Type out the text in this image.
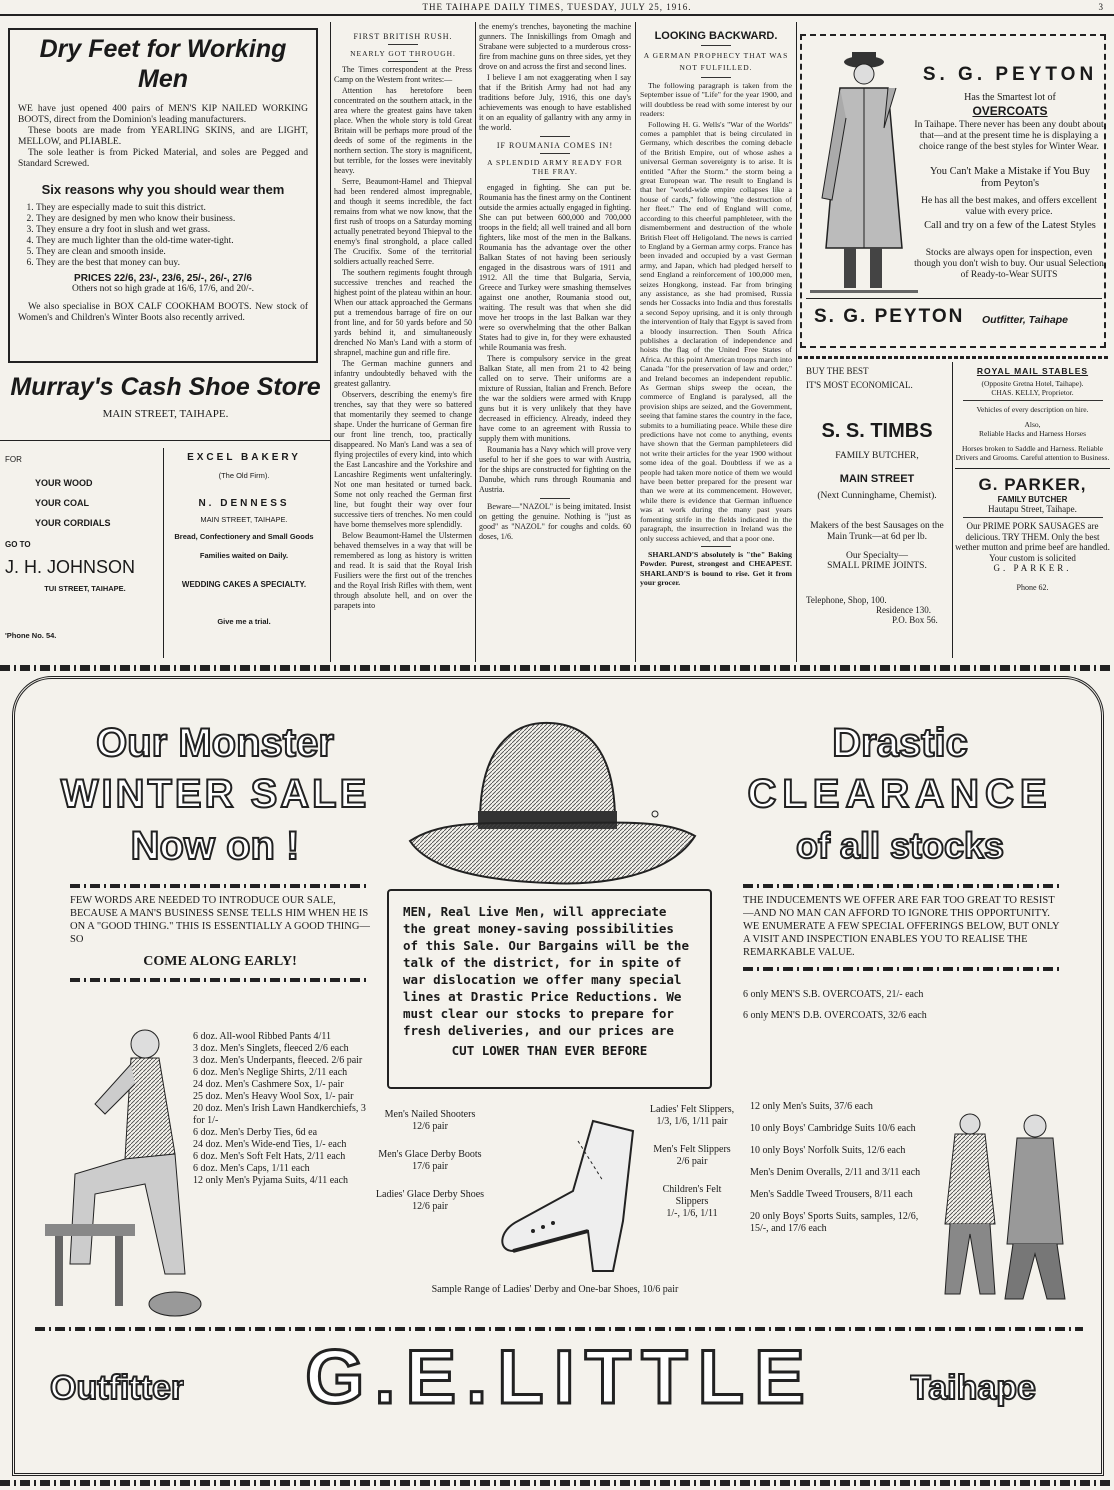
THE TAIHAPE DAILY TIMES, TUESDAY, JULY 25, 1916.	3
Dry Feet for Working Men
WE have just opened 400 pairs of MEN'S KIP NAILED WORKING BOOTS, direct from the Dominion's leading manufacturers.
These boots are made from YEARLING SKINS, and are LIGHT, MELLOW, and PLIABLE.
The sole leather is from Picked Material, and soles are Pegged and Standard Screwed.
Six reasons why you should wear them
1. They are especially made to suit this district.
2. They are designed by men who know their business.
3. They ensure a dry foot in slush and wet grass.
4. They are much lighter than the old-time water-tight.
5. They are clean and smooth inside.
6. They are the best that money can buy.
PRICES 22/6, 23/-, 23/6, 25/-, 26/-, 27/6
Others not so high grade at 16/6, 17/6, and 20/-.
We also specialise in BOX CALF COOKHAM BOOTS. New stock of Women's and Children's Winter Boots also recently arrived.
Murray's Cash Shoe Store
MAIN STREET, TAIHAPE.
FOR
YOUR WOOD
YOUR COAL
YOUR CORDIALS
GO TO
J. H. JOHNSON
TUI STREET, TAIHAPE.
'Phone No. 54.
EXCEL BAKERY
(The Old Firm).
N. DENNESS
MAIN STREET, TAIHAPE.
Bread, Confectionery and Small Goods
Families waited on Daily.
WEDDING CAKES A SPECIALTY.
Give me a trial.
FIRST BRITISH RUSH.
NEARLY GOT THROUGH.

The Times correspondent at the Press Camp on the Western front writes:—

Attention has heretofore been concentrated on the southern attack, in the area where the greatest gains have taken place. When the whole story is told Great Britain will be perhaps more proud of the deeds of some of the regiments in the northern section. The story is magnificent, but terrible, for the losses were inevitably heavy.

Serre, Beaumont-Hamel and Thiepval had been rendered almost impregnable, and though it seems incredible, the fact remains from what we now know, that the first rush of troops on a Saturday morning actually penetrated beyond Thiepval to the enemy's final stronghold, a place called The Crucifix. Some of the territorial soldiers actually reached Serre.

The southern regiments fought through successive trenches and reached the highest point of the plateau within an hour. When our attack approached the Germans put a tremendous barrage of fire on our front line, and for 50 yards before and 50 yards behind it, and simultaneously drenched No Man's Land with a storm of shrapnel, machine gun and rifle fire.

The German machine gunners and infantry undoubtedly behaved with the greatest gallantry.

Observers, describing the enemy's fire trenches, say that they were so battered that momentarily they seemed to change shape. Under the hurricane of German fire our front line trench, too, practically disappeared. No Man's Land was a sea of flying projectiles of every kind, into which the East Lancashire and the Yorkshire and Lancashire Regiments went unfalteringly. Not one man hesitated or turned back. Some not only reached the German first line, but fought their way over four successive tiers of trenches. No men could have borne themselves more splendidly.

Below Beaumont-Hamel the Ulstermen behaved themselves in a way that will be remembered as long as history is written and read. It is said that the Royal Irish Fusiliers were the first out of the trenches and the Royal Irish Rifles with them, went through absolute hell, and on over the parapets into

the enemy's trenches, bayoneting the machine gunners. The Inniskillings from Omagh and Strabane were subjected to a murderous cross-fire from machine guns on three sides, yet they drove on and across the first and second lines.

I believe I am not exaggerating when I say that if the British Army had not had any traditions before July, 1916, this one day's achievements was enough to have established it on an equality of gallantry with any army in the world.

IF ROUMANIA COMES IN!
A SPLENDID ARMY READY FOR THE FRAY.

engaged in fighting. She can put be. Roumania has the finest army on the Continent outside the armies actually engaged in fighting. She can put between 600,000 and 700,000 troops in the field; all well trained and all born fighters, like most of the men in the Balkans. Roumania has the advantage over the other Balkan States of not having been seriously engaged in the disastrous wars of 1911 and 1912. All the time that Bulgaria, Servia, Greece and Turkey were smashing themselves against one another, Roumania stood out, waiting. The result was that when she did move her troops in the last Balkan war they were so overwhelming that the other Balkan States had to give in, for they were exhausted while Roumania was fresh.

There is compulsory service in the great Balkan State, all men from 21 to 42 being called on to serve. Their uniforms are a mixture of Russian, Italian and French. Before the war the soldiers were armed with Krupp guns but it is very unlikely that they have decreased in efficiency. Already, indeed they have come to an agreement with Russia to supply them with munitions.

Roumania has a Navy which will prove very useful to her if she goes to war with Austria, for the ships are constructed for fighting on the Danube, which runs through Roumania and Austria.

Beware—"NAZOL" is being imitated. Insist on getting the genuine. Nothing is "just as good" as "NAZOL" for coughs and colds. 60 doses, 1/6.

LOOKING BACKWARD.
A GERMAN PROPHECY THAT WAS NOT FULFILLED.

The following paragraph is taken from the September issue of "Life" for the year 1900, and will doubtless be read with some interest by our readers:

Following H. G. Wells's "War of the Worlds" comes a pamphlet that is being circulated in Germany, which describes the coming debacle of the British Empire, out of whose ashes a universal German sovereignty is to arise. It is entitled "After the Storm." the storm being a great European war. The result to England is that her "world-wide empire collapses like a house of cards," following "the destruction of her fleet." The end of England will come, according to this cheerful pamphleteer, with the dismemberment and destruction of the whole British Fleet off Heligoland. The news is carried to England by a German army corps. France has been invaded and occupied by a vast German army, and Japan, which had pledged herself to send England a reinforcement of 100,000 men, seizes Hongkong, instead. Far from bringing any assistance, as she had promised, Russia sends her Cossacks into India and thus forestalls a second Sepoy uprising, and it is only through the intervention of Italy that Egypt is saved from a bloody insurrection. Then South Africa publishes a declaration of independence and hoists the flag of the United Free States of Africa. At this point American troops march into Canada "for the preservation of law and order," and Ireland becomes an independent republic. As German ships sweep the ocean, the commerce of England is paralysed, all the provision ships are seized, and the Government, seeing that famine stares the country in the face, submits to a humiliating peace. While these dire predictions have not come to anything, events have shown that the German pamphleteers did not write their articles for the year 1900 without some idea of the goal. Doubtless if we as a people had taken more notice of them we would have been better prepared for the present war than we were at its commencement. However, while there is evidence that German influence was at work during the many past years fomenting strife in the fields indicated in the paragraph, the insurrection in Ireland was the only success achieved, and that a poor one.

SHARLAND'S absolutely is "the" Baking Powder. Purest, strongest and CHEAPEST. SHARLAND'S is bound to rise. Get it from your grocer.

S. G. PEYTON
Has the Smartest lot of
OVERCOATS
In Taihape. There never has been any doubt about that—and at the present time he is displaying a choice range of the best styles for Winter Wear.
You Can't Make a Mistake if You Buy from Peyton's
He has all the best makes, and offers excellent value with every price.
Call and try on a few of the Latest Styles
Stocks are always open for inspection, even though you don't wish to buy. Our usual Selection of Ready-to-Wear SUITS
S. G. PEYTON Outfitter, Taihape
BUY THE BEST
IT'S MOST ECONOMICAL.
S. S. TIMBS
FAMILY BUTCHER,
MAIN STREET
(Next Cunninghame, Chemist).
Makers of the best Sausages on the Main Trunk—at 6d per lb.
Our Specialty—
SMALL PRIME JOINTS.
Telephone, Shop, 100.
Residence 130.
P.O. Box 56.
ROYAL MAIL STABLES
(Opposite Gretna Hotel, Taihape).
CHAS. KELLY, Proprietor.
Vehicles of every description on hire.
Also,
Reliable Hacks and Harness Horses
Horses broken to Saddle and Harness. Reliable Drivers and Grooms. Careful attention to Business.
G. PARKER,
FAMILY BUTCHER
Hautapu Street, Taihape.
Our PRIME PORK SAUSAGES are delicious. TRY THEM. Only the best wether mutton and prime beef are handled. Your custom is solicited
G. PARKER.
Phone 62.
Our Monster
WINTER SALE
Now on !
Drastic
CLEARANCE
of all stocks
FEW WORDS ARE NEEDED TO INTRODUCE OUR SALE, BECAUSE A MAN'S BUSINESS SENSE TELLS HIM WHEN HE IS ON A "GOOD THING." THIS IS ESSENTIALLY A GOOD THING—SO
COME ALONG EARLY!
MEN, Real Live Men, will appreciate the great money-saving possibilities of this Sale. Our Bargains will be the talk of the district, for in spite of war dislocation we offer many special lines at Drastic Price Reductions. We must clear our stocks to prepare for fresh deliveries, and our prices are
CUT LOWER THAN EVER BEFORE
THE INDUCEMENTS WE OFFER ARE FAR TOO GREAT TO RESIST—AND NO MAN CAN AFFORD TO IGNORE THIS OPPORTUNITY. WE ENUMERATE A FEW SPECIAL OFFERINGS BELOW, BUT ONLY A VISIT AND INSPECTION ENABLES YOU TO REALISE THE REMARKABLE VALUE.
6 only MEN'S S.B. OVERCOATS, 21/- each
6 only MEN'S D.B. OVERCOATS, 32/6 each
6 doz. All-wool Ribbed Pants 4/11
3 doz. Men's Singlets, fleeced 2/6 each
3 doz. Men's Underpants, fleeced. 2/6 pair
6 doz. Men's Neglige Shirts, 2/11 each
24 doz. Men's Cashmere Sox, 1/- pair
25 doz. Men's Heavy Wool Sox, 1/- pair
20 doz. Men's Irish Lawn Handkerchiefs, 3 for 1/-
6 doz. Men's Derby Ties, 6d ea
24 doz. Men's Wide-end Ties, 1/- each
6 doz. Men's Soft Felt Hats, 2/11 each
6 doz. Men's Caps, 1/11 each
12 only Men's Pyjama Suits, 4/11 each
Men's Nailed Shooters
12/6 pair
Men's Glace Derby Boots
17/6 pair
Ladies' Glace Derby Shoes
12/6 pair
Ladies' Felt Slippers, 1/3, 1/6, 1/11 pair
Men's Felt Slippers
2/6 pair
Children's Felt Slippers
1/-, 1/6, 1/11
Sample Range of Ladies' Derby and One-bar Shoes, 10/6 pair
12 only Men's Suits, 37/6 each
10 only Boys' Cambridge Suits 10/6 each
10 only Boys' Norfolk Suits, 12/6 each
Men's Denim Overalls, 2/11 and 3/11 each
Men's Saddle Tweed Trousers, 8/11 each
20 only Boys' Sports Suits, samples, 12/6, 15/-, and 17/6 each
Outfitter	G.E.LITTLE	Taihape
